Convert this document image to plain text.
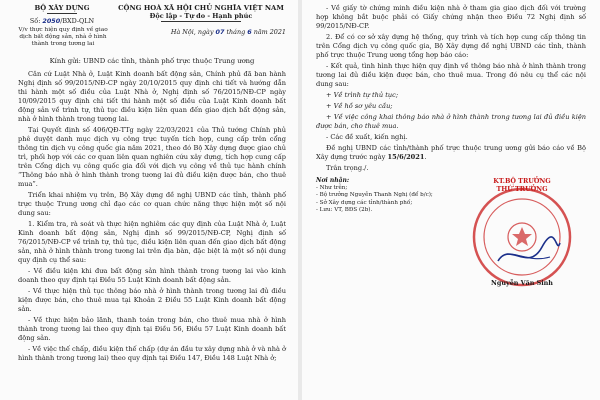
BỘ XÂY DỰNG
Số: 2050/BXD-QLN
V/v thực hiện quy định về giao dịch bất động sản, nhà ở hình thành trong tương lai
CỘNG HOÀ XÃ HỘI CHỦ NGHĨA VIỆT NAM
Độc lập - Tự do - Hạnh phúc
Hà Nội, ngày 07 tháng 6 năm 2021
Kính gửi: UBND các tỉnh, thành phố trực thuộc Trung ương

Căn cứ Luật Nhà ở, Luật Kinh doanh bất động sản, Chính phủ đã ban hành Nghị định số 99/2015/NĐ-CP ngày 20/10/2015 quy định chi tiết và hướng dẫn thi hành một số điều của Luật Nhà ở, Nghị định số 76/2015/NĐ-CP ngày 10/09/2015 quy định chi tiết thi hành một số điều của Luật Kinh doanh bất động sản về trình tự, thủ tục điều kiện liên quan đến giao dịch bất động sản, nhà ở hình thành trong tương lai.

Tại Quyết định số 406/QĐ-TTg ngày 22/03/2021 của Thủ tướng Chính phủ phê duyệt danh mục dịch vụ công trực tuyến tích hợp, cung cấp trên cổng thông tin dịch vụ công quốc gia năm 2021, theo đó Bộ Xây dựng được giao chủ trì, phối hợp với các cơ quan liên quan nghiên cứu xây dựng, tích hợp cung cấp trên Cổng dịch vụ công quốc gia đối với dịch vụ công về thủ tục hành chính “Thông báo nhà ở hình thành trong tương lai đủ điều kiện được bán, cho thuê mua”.

Triển khai nhiệm vụ trên, Bộ Xây dựng đề nghị UBND các tỉnh, thành phố trực thuộc Trung ương chỉ đạo các cơ quan chức năng thực hiện một số nội dung sau:

1. Kiểm tra, rà soát và thực hiện nghiêm các quy định của Luật Nhà ở, Luật Kinh doanh bất động sản, Nghị định số 99/2015/NĐ-CP, Nghị định số 76/2015/NĐ-CP về trình tự, thủ tục, điều kiện liên quan đến giao dịch bất động sản, nhà ở hình thành trong tương lai trên địa bàn, đặc biệt là một số nội dung quy định cụ thể sau:

- Về điều kiện khi đưa bất động sản hình thành trong tương lai vào kinh doanh theo quy định tại Điều 55 Luật Kinh doanh bất động sản.

- Về thực hiện thủ tục thông báo nhà ở hình thành trong tương lai đủ điều kiện được bán, cho thuê mua tại Khoản 2 Điều 55 Luật Kinh doanh bất động sản.

- Về thực hiện bảo lãnh, thanh toán trong bán, cho thuê mua nhà ở hình thành trong tương lai theo quy định tại Điều 56, Điều 57 Luật Kinh doanh bất động sản.

- Về việc thế chấp, điều kiện thế chấp (dự án đầu tư xây dựng nhà ở và nhà ở hình thành trong tương lai) theo quy định tại Điều 147, Điều 148 Luật Nhà ở;

- Về giấy tờ chứng minh điều kiện nhà ở tham gia giao dịch đối với trường hợp không bắt buộc phải có Giấy chứng nhận theo Điều 72 Nghị định số 99/2015/NĐ-CP.

2. Để có cơ sở xây dựng hệ thống, quy trình và tích hợp cung cấp thông tin trên Cổng dịch vụ công quốc gia, Bộ Xây dựng đề nghị UBND các tỉnh, thành phố trực thuộc Trung ương tổng hợp báo cáo:

- Kết quả, tình hình thực hiện quy định về thông báo nhà ở hình thành trong tương lai đủ điều kiện được bán, cho thuê mua. Trong đó nêu cụ thể các nội dung sau:

+ Về trình tự thủ tục;

+ Về hồ sơ yêu cầu;

+ Về việc công khai thông báo nhà ở hình thành trong tương lai đủ điều kiện được bán, cho thuê mua.

- Các đề xuất, kiến nghị.

Đề nghị UBND các tỉnh/thành phố trực thuộc trung ương gửi báo cáo về Bộ Xây dựng trước ngày 15/6/2021.

Trân trọng./.

Nơi nhận:
- Như trên;
- Bộ trưởng Nguyễn Thanh Nghị (để b/c);
- Sở Xây dựng các tỉnh/thành phố;
- Lưu: VT, BĐS (2b).
KT.BỘ TRƯỞNG
THỨ TRƯỞNG
Nguyễn Văn Sinh
